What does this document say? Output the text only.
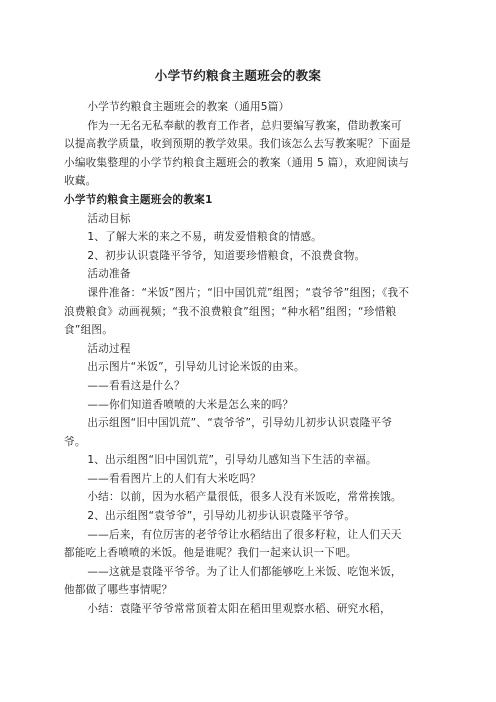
小学节约粮食主题班会的教案

小学节约粮食主题班会的教案（通用5篇）

作为一无名无私奉献的教育工作者，总归要编写教案，借助教案可以提高教学质量，收到预期的教学效果。我们该怎么去写教案呢？下面是小编收集整理的小学节约粮食主题班会的教案（通用 5 篇），欢迎阅读与收藏。

小学节约粮食主题班会的教案1

活动目标

1、了解大米的来之不易，萌发爱惜粮食的情感。

2、初步认识袁隆平爷爷，知道要珍惜粮食，不浪费食物。

活动准备

课件准备：“米饭”图片；“旧中国饥荒”组图；“袁爷爷”组图；《我不浪费粮食》动画视频；“我不浪费粮食”组图；“种水稻”组图；“珍惜粮食”组图。

活动过程

出示图片“米饭”，引导幼儿讨论米饭的由来。

——看看这是什么？

——你们知道香喷喷的大米是怎么来的吗？

出示组图“旧中国饥荒”、“袁爷爷”，引导幼儿初步认识袁隆平爷爷。

1、出示组图“旧中国饥荒”，引导幼儿感知当下生活的幸福。

——看看图片上的人们有大米吃吗？

小结：以前，因为水稻产量很低，很多人没有米饭吃，常常挨饿。

2、出示组图“袁爷爷”，引导幼儿初步认识袁隆平爷爷。

——后来，有位厉害的老爷爷让水稻结出了很多籽粒，让人们天天都能吃上香喷喷的米饭。他是谁呢？我们一起来认识一下吧。

——这就是袁隆平爷爷。为了让人们都能够吃上米饭、吃饱米饭，他都做了哪些事情呢？

小结：袁隆平爷爷常常顶着太阳在稻田里观察水稻、研究水稻，
